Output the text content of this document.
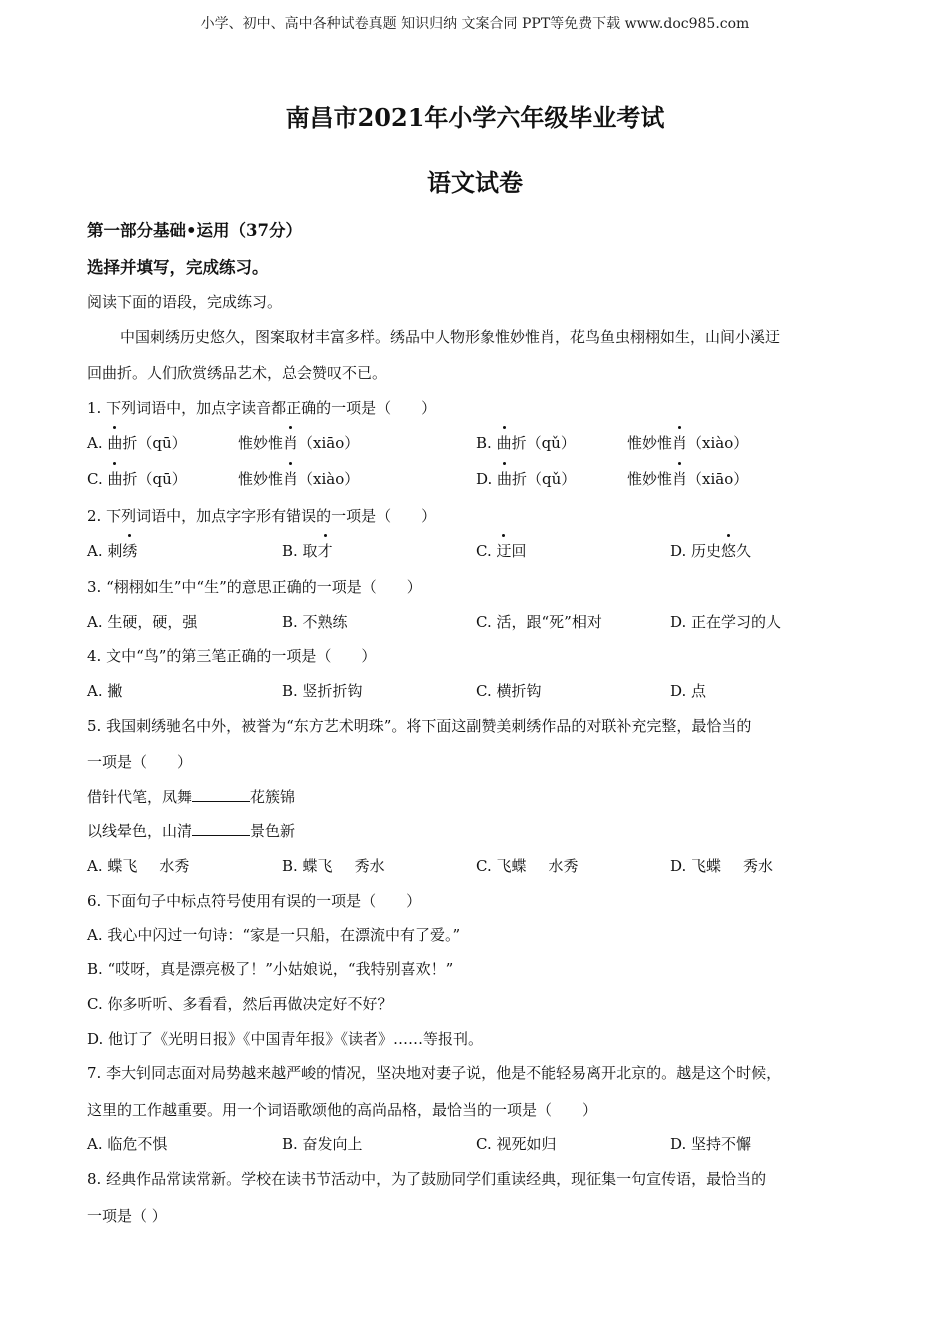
小学、初中、高中各种试卷真题 知识归纳 文案合同 PPT等免费下载 www.doc985.com
南昌市2021年小学六年级毕业考试
语文试卷
第一部分基础•运用（37分）
选择并填写，完成练习。
阅读下面的语段，完成练习。
中国刺绣历史悠久，图案取材丰富多样。绣品中人物形象惟妙惟肖，花鸟鱼虫栩栩如生，山间小溪迂
回曲折。人们欣赏绣品艺术，总会赞叹不已。
1. 下列词语中，加点字读音都正确的一项是（　　）
A. 曲折（qū）	惟妙惟肖（xiāo）	B. 曲折（qǔ）	惟妙惟肖（xiào）
C. 曲折（qū）	惟妙惟肖（xiào）	D. 曲折（qǔ）	惟妙惟肖（xiāo）
2. 下列词语中，加点字字形有错误的一项是（　　）
A. 刺绣	B. 取才	C. 迂回	D. 历史悠久
3. “栩栩如生”中“生”的意思正确的一项是（　　）
A. 生硬，硬，强	B. 不熟练	C. 活，跟“死”相对	D. 正在学习的人
4. 文中“鸟”的第三笔正确的一项是（　　）
A. 撇	B. 竖折折钩	C. 横折钩	D. 点
5. 我国刺绣驰名中外，被誉为“东方艺术明珠”。将下面这副赞美刺绣作品的对联补充完整，最恰当的
一项是（　　）
借针代笔，凤舞	花簇锦
以线晕色，山清	景色新
A. 蝶飞 水秀	B. 蝶飞 秀水	C. 飞蝶 水秀	D. 飞蝶 秀水
6. 下面句子中标点符号使用有误的一项是（　　）
A. 我心中闪过一句诗：“家是一只船，在漂流中有了爱。”
B. “哎呀，真是漂亮极了！”小姑娘说，“我特别喜欢！”
C. 你多听听、多看看，然后再做决定好不好？
D. 他订了《光明日报》《中国青年报》《读者》……等报刊。
7. 李大钊同志面对局势越来越严峻的情况，坚决地对妻子说，他是不能轻易离开北京的。越是这个时候，
这里的工作越重要。用一个词语歌颂他的高尚品格，最恰当的一项是（　　）
A. 临危不惧	B. 奋发向上	C. 视死如归	D. 坚持不懈
8. 经典作品常读常新。学校在读书节活动中，为了鼓励同学们重读经典，现征集一句宣传语，最恰当的
一项是（ ）
